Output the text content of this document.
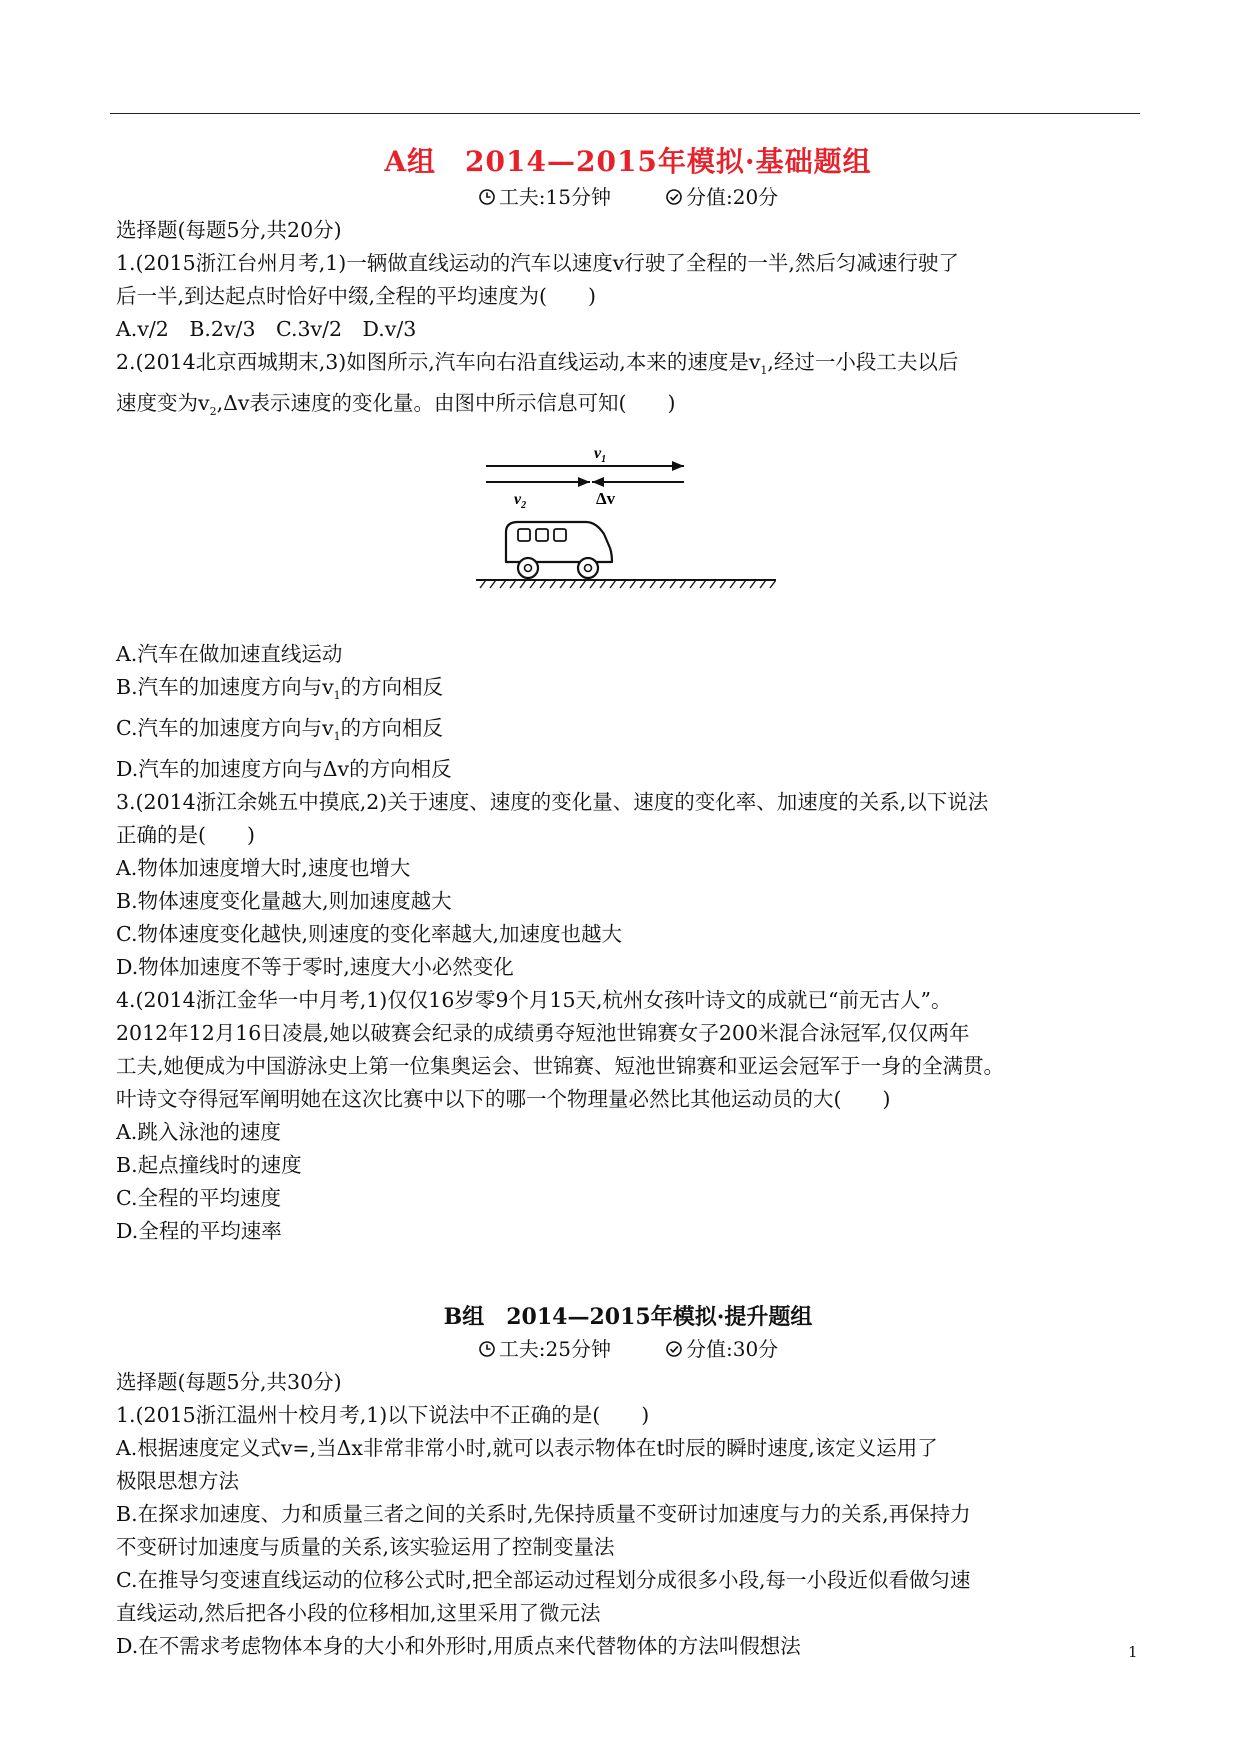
A组　2014—2015年模拟·基础题组
工夫:15分钟	分值:20分
选择题(每题5分,共20分)
1.(2015浙江台州月考,1)一辆做直线运动的汽车以速度v行驶了全程的一半,然后匀减速行驶了
后一半,到达起点时恰好中缀,全程的平均速度为(　　)
A.v/2　B.2v/3　C.3v/2　D.v/3
2.(2014北京西城期末,3)如图所示,汽车向右沿直线运动,本来的速度是$v_1$,经过一小段工夫以后
速度变为$v_2,\Delta v$表示速度的变化量。由图中所示信息可知(　　)
$v_1$
$v_2$	Δv
A.汽车在做加速直线运动
B.汽车的加速度方向与$v_1$的方向相反
C.汽车的加速度方向与$v_1$的方向相反
D.汽车的加速度方向与Δv的方向相反
3.(2014浙江余姚五中摸底,2)关于速度、速度的变化量、速度的变化率、加速度的关系,以下说法
正确的是(　　)
A.物体加速度增大时,速度也增大
B.物体速度变化量越大,则加速度越大
C.物体速度变化越快,则速度的变化率越大,加速度也越大
D.物体加速度不等于零时,速度大小必然变化
4.(2014浙江金华一中月考,1)仅仅16岁零9个月15天,杭州女孩叶诗文的成就已“前无古人”。
2012年12月16日凌晨,她以破赛会纪录的成绩勇夺短池世锦赛女子200米混合泳冠军,仅仅两年
工夫,她便成为中国游泳史上第一位集奥运会、世锦赛、短池世锦赛和亚运会冠军于一身的全满贯。
叶诗文夺得冠军阐明她在这次比赛中以下的哪一个物理量必然比其他运动员的大(　　)
A.跳入泳池的速度
B.起点撞线时的速度
C.全程的平均速度
D.全程的平均速率
B组　2014—2015年模拟·提升题组
工夫:25分钟	分值:30分
选择题(每题5分,共30分)
1.(2015浙江温州十校月考,1)以下说法中不正确的是(　　)
A.根据速度定义式v=,当Δx非常非常小时,就可以表示物体在t时辰的瞬时速度,该定义运用了
极限思想方法
B.在探求加速度、力和质量三者之间的关系时,先保持质量不变研讨加速度与力的关系,再保持力
不变研讨加速度与质量的关系,该实验运用了控制变量法
C.在推导匀变速直线运动的位移公式时,把全部运动过程划分成很多小段,每一小段近似看做匀速
直线运动,然后把各小段的位移相加,这里采用了微元法
D.在不需求考虑物体本身的大小和外形时,用质点来代替物体的方法叫假想法	1
